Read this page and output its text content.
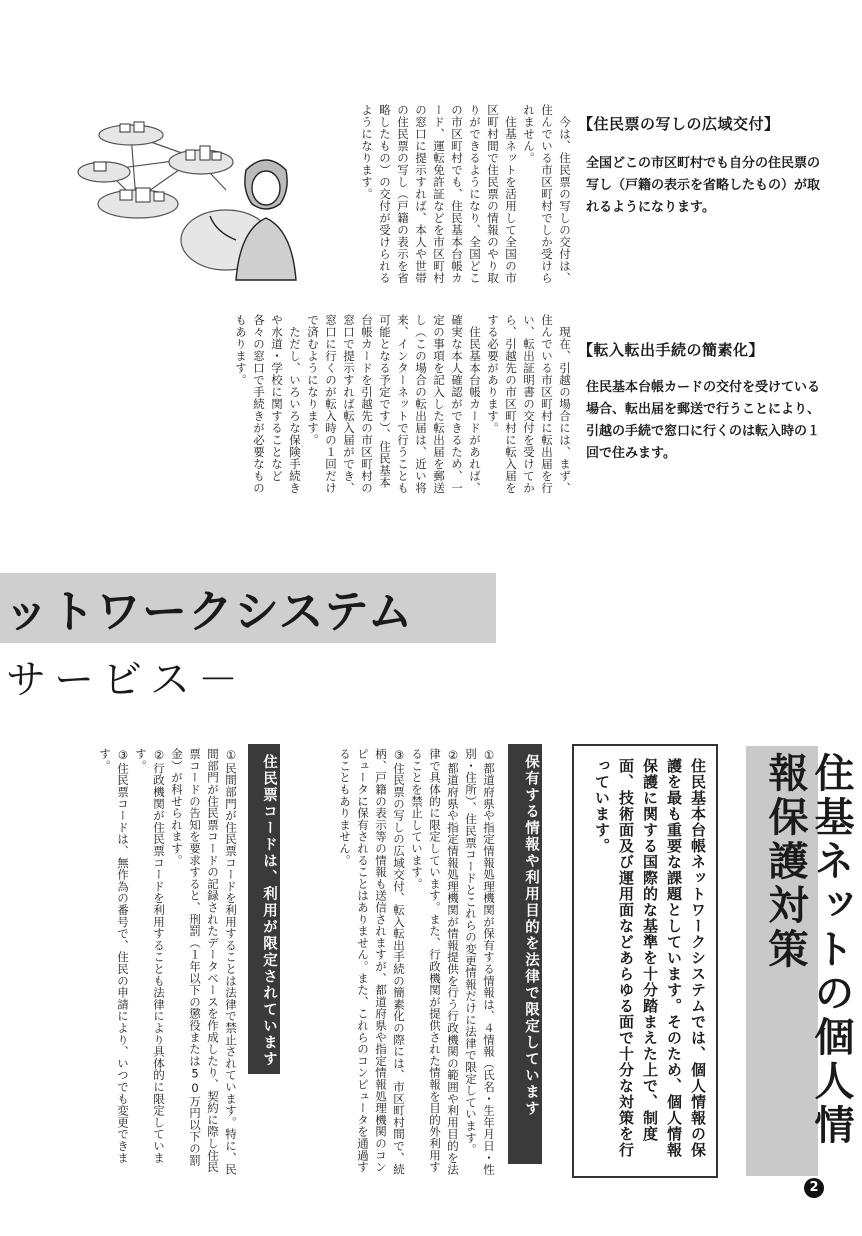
今は、住民票の写しの交付は、住んでいる市区町村でしか受けられません。

住基ネットを活用して全国の市区町村間で住民票の情報のやり取りができるようになり、全国どこの市区町村でも、住民基本台帳カード、運転免許証などを市区町村の窓口に提示すれば、本人や世帯の住民票の写し（戸籍の表示を省略したもの）の交付が受けられるようになります。

現在、引越の場合には、まず、住んでいる市区町村に転出届を行い、転出証明書の交付を受けてから、引越先の市区町村に転入届をする必要があります。

住民基本台帳カードがあれば、確実な本人確認ができるため、一定の事項を記入した転出届を郵送し（この場合の転出届は、近い将来、インターネットで行うことも可能となる予定です）、住民基本台帳カードを引越先の市区町村の窓口で提示すれば転入届ができ、窓口に行くのが転入時の１回だけで済むようになります。

ただし、いろいろな保険手続きや水道・学校に関することなど各々の窓口で手続きが必要なものもあります。

【住民票の写しの広域交付】
全国どこの市区町村でも自分の住民票の写し（戸籍の表示を省略したもの）が取れるようになります。
【転入転出手続の簡素化】
住民基本台帳カードの交付を受けている場合、転出届を郵送で行うことにより、引越の手続で窓口に行くのは転入時の１回で住みます。
ットワークシステム
サービス－
住基ネットの個人情報保護対策
住民基本台帳ネットワークシステムでは、個人情報の保護を最も重要な課題としています。そのため、個人情報保護に関する国際的な基準を十分踏まえた上で、制度面、技術面及び運用面などあらゆる面で十分な対策を行っています。
保有する情報や利用目的を法律で限定しています

①都道府県や指定情報処理機関が保有する情報は、４情報（氏名・生年月日・性別・住所）、住民票コードとこれらの変更情報だけに法律で限定しています。

②都道府県や指定情報処理機関が情報提供を行う行政機関の範囲や利用目的を法律で具体的に限定しています。また、行政機関が提供された情報を目的外利用することを禁止しています。

③住民票の写しの広域交付、転入転出手続の簡素化の際には、市区町村間で、続柄、戸籍の表示等の情報も送信されますが、都道府県や指定情報処理機関のコンピュータに保有されることはありません。また、これらのコンピュータを通過することもありません。

住民票コードは、利用が限定されています

①民間部門が住民票コードを利用することは法律で禁止されています。特に、民間部門が住民票コードの記録されたデータベースを作成したり、契約に際し住民票コードの告知を要求すると、刑罰（１年以下の懲役または50万円以下の罰金）が科せられます。

②行政機関が住民票コードを利用することも法律により具体的に限定しています。

③住民票コードは、無作為の番号で、住民の申請により、いつでも変更できます。

2
